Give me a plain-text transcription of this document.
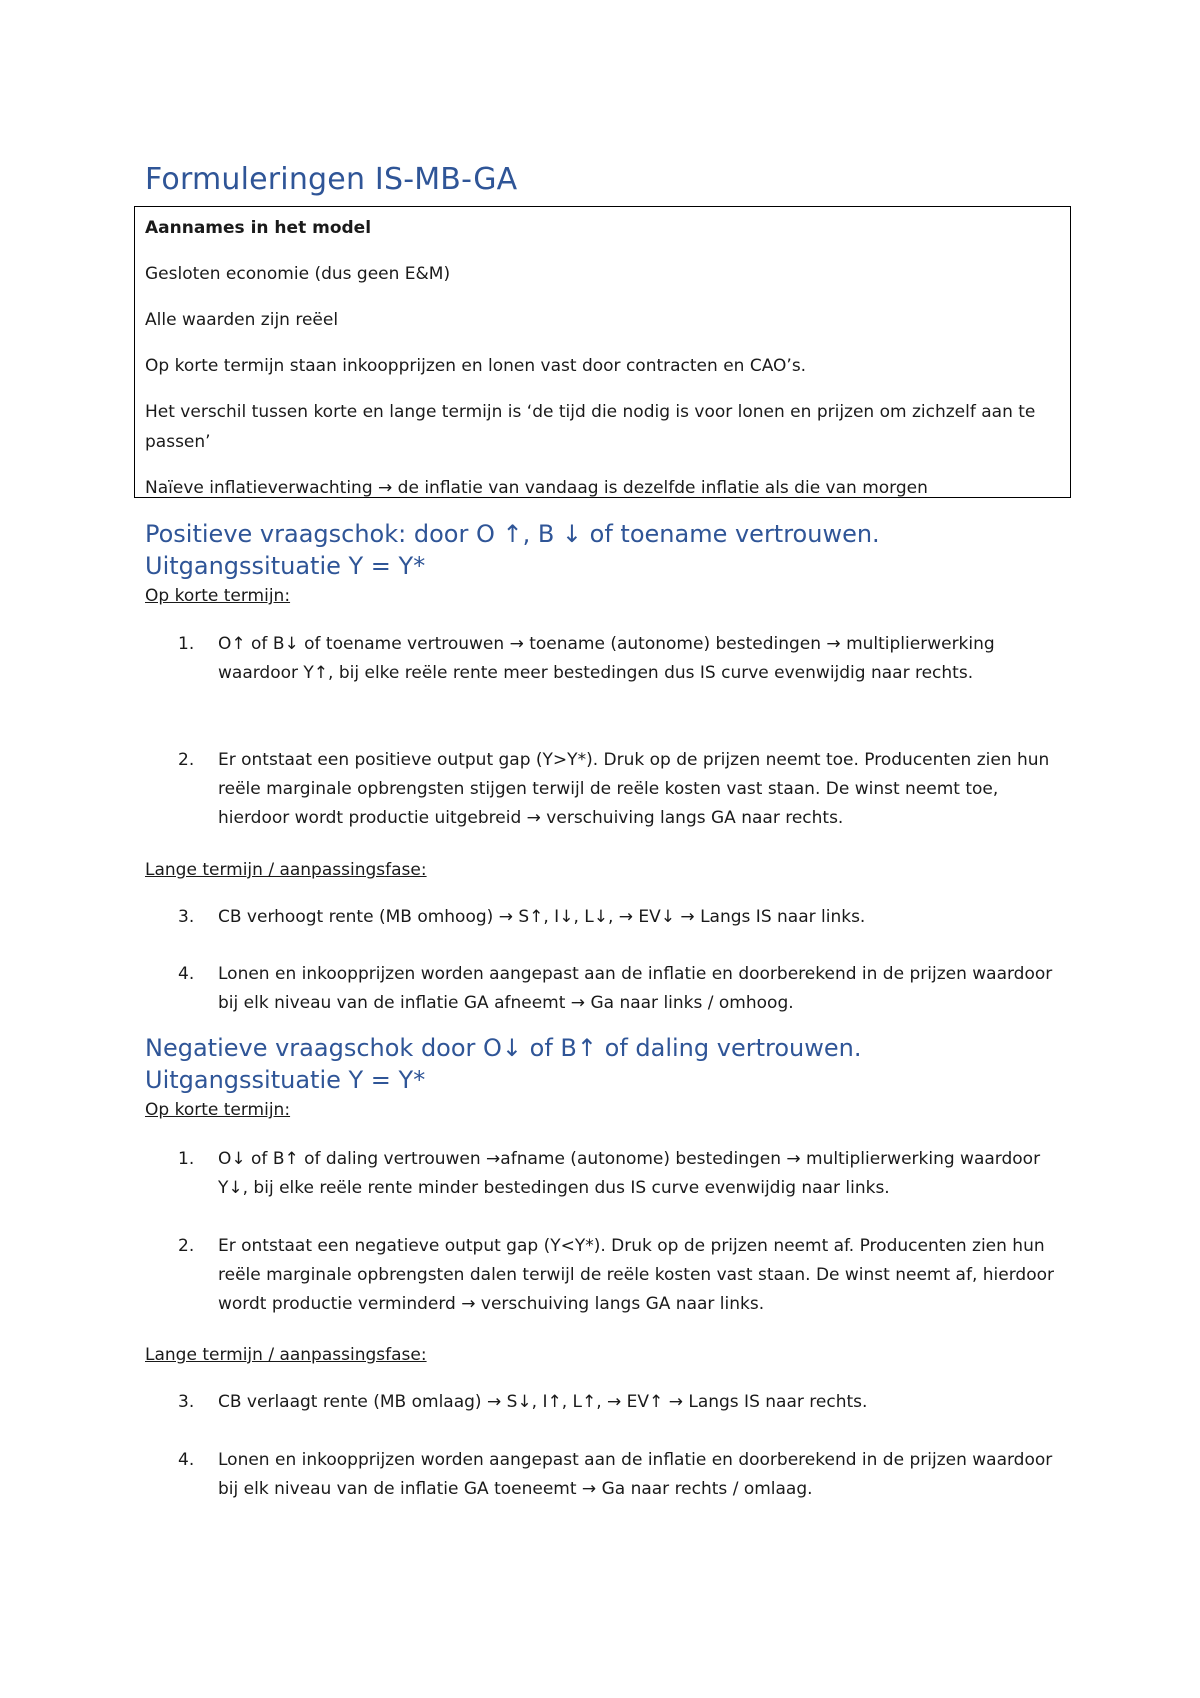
Formuleringen IS-MB-GA

Aannames in het model

Gesloten economie (dus geen E&M)

Alle waarden zijn reëel

Op korte termijn staan inkoopprijzen en lonen vast door contracten en CAO’s.

Het verschil tussen korte en lange termijn is ‘de tijd die nodig is voor lonen en prijzen om zichzelf aan te passen’

Naïeve inflatieverwachting → de inflatie van vandaag is dezelfde inflatie als die van morgen

Positieve vraagschok: door O ↑, B ↓ of toename vertrouwen. Uitgangssituatie Y = Y*
Op korte termijn:
1.	O↑ of B↓ of toename vertrouwen → toename (autonome) bestedingen → multiplierwerking waardoor Y↑, bij elke reële rente meer bestedingen dus IS curve evenwijdig naar rechts.
2.	Er ontstaat een positieve output gap (Y>Y*). Druk op de prijzen neemt toe. Producenten zien hun reële marginale opbrengsten stijgen terwijl de reële kosten vast staan. De winst neemt toe, hierdoor wordt productie uitgebreid → verschuiving langs GA naar rechts.
Lange termijn / aanpassingsfase:
3.	CB verhoogt rente (MB omhoog) → S↑, I↓, L↓, → EV↓ → Langs IS naar links.
4.	Lonen en inkoopprijzen worden aangepast aan de inflatie en doorberekend in de prijzen waardoor bij elk niveau van de inflatie GA afneemt → Ga naar links / omhoog.
Negatieve vraagschok door O↓ of B↑ of daling vertrouwen. Uitgangssituatie Y = Y*
Op korte termijn:
1.	O↓ of B↑ of daling vertrouwen →afname (autonome) bestedingen → multiplierwerking waardoor Y↓, bij elke reële rente minder bestedingen dus IS curve evenwijdig naar links.
2.	Er ontstaat een negatieve output gap (Y<Y*). Druk op de prijzen neemt af. Producenten zien hun reële marginale opbrengsten dalen terwijl de reële kosten vast staan. De winst neemt af, hierdoor wordt productie verminderd → verschuiving langs GA naar links.
Lange termijn / aanpassingsfase:
3.	CB verlaagt rente (MB omlaag) → S↓, I↑, L↑, → EV↑ → Langs IS naar rechts.
4.	Lonen en inkoopprijzen worden aangepast aan de inflatie en doorberekend in de prijzen waardoor bij elk niveau van de inflatie GA toeneemt → Ga naar rechts / omlaag.
